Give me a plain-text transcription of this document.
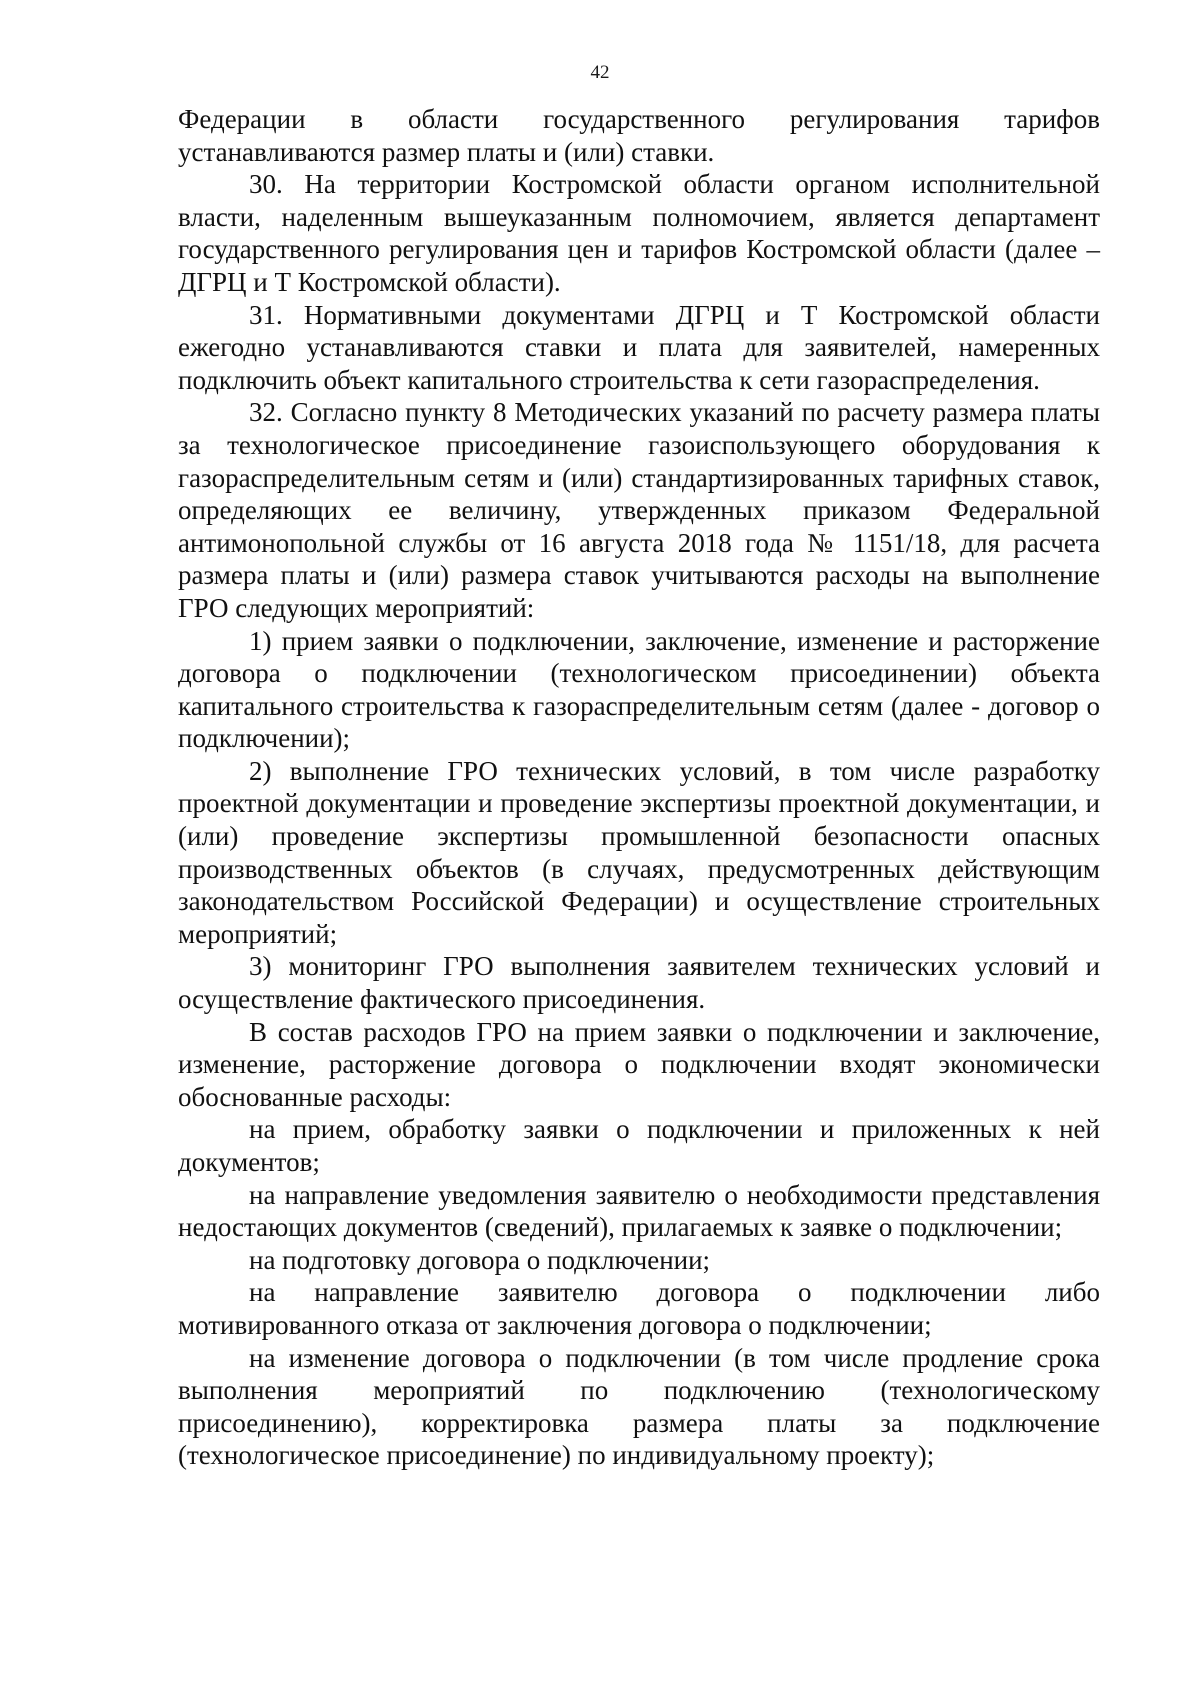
42

Федерации в области государственного регулирования тарифов устанавливаются размер платы и (или) ставки.

30. На территории Костромской области органом исполнительной власти, наделенным вышеуказанным полномочием, является департамент государственного регулирования цен и тарифов Костромской области (далее – ДГРЦ и Т Костромской области).

31. Нормативными документами ДГРЦ и Т Костромской области ежегодно устанавливаются ставки и плата для заявителей, намеренных подключить объект капитального строительства к сети газораспределения.

32. Согласно пункту 8 Методических указаний по расчету размера платы за технологическое присоединение газоиспользующего оборудования к газораспределительным сетям и (или) стандартизированных тарифных ставок, определяющих ее величину, утвержденных приказом Федеральной антимонопольной службы от 16 августа 2018 года № 1151/18, для расчета размера платы и (или) размера ставок учитываются расходы на выполнение ГРО следующих мероприятий:

1) прием заявки о подключении, заключение, изменение и расторжение договора о подключении (технологическом присоединении) объекта капитального строительства к газораспределительным сетям (далее - договор о подключении);

2) выполнение ГРО технических условий, в том числе разработку проектной документации и проведение экспертизы проектной документации, и (или) проведение экспертизы промышленной безопасности опасных производственных объектов (в случаях, предусмотренных действующим законодательством Российской Федерации) и осуществление строительных мероприятий;

3) мониторинг ГРО выполнения заявителем технических условий и осуществление фактического присоединения.

В состав расходов ГРО на прием заявки о подключении и заключение, изменение, расторжение договора о подключении входят экономически обоснованные расходы:

на прием, обработку заявки о подключении и приложенных к ней документов;

на направление уведомления заявителю о необходимости представления недостающих документов (сведений), прилагаемых к заявке о подключении;

на подготовку договора о подключении;

на направление заявителю договора о подключении либо мотивированного отказа от заключения договора о подключении;

на изменение договора о подключении (в том числе продление срока выполнения мероприятий по подключению (технологическому присоединению), корректировка размера платы за подключение (технологическое присоединение) по индивидуальному проекту);
